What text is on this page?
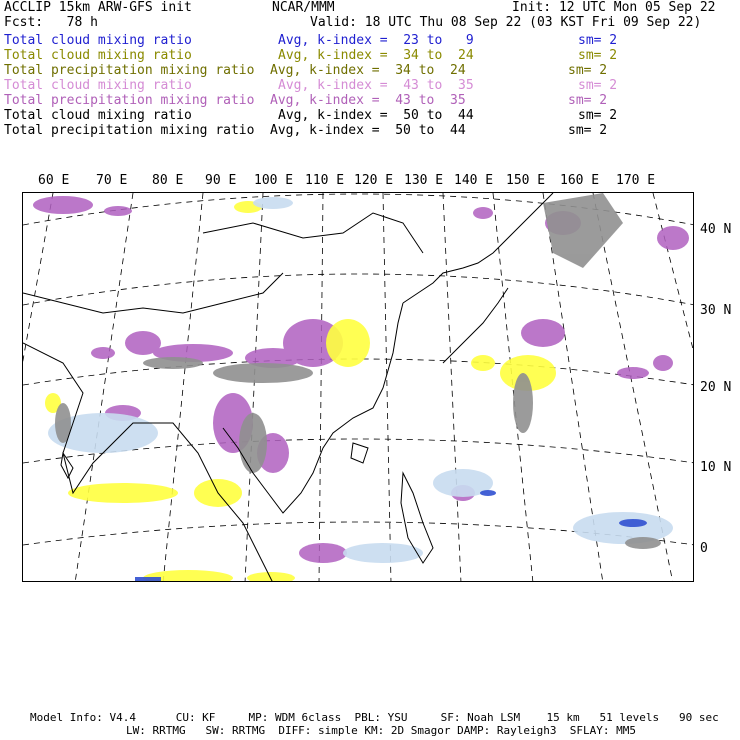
ACCLIP 15km ARW-GFS init	NCAR/MMM	Init: 12 UTC Mon 05 Sep 22
Fcst:   78 h	Valid: 18 UTC Thu 08 Sep 22 (03 KST Fri 09 Sep 22)
Total cloud mixing ratio	Avg, k-index =  23 to   9	sm= 2
Total cloud mixing ratio	Avg, k-index =  34 to  24	sm= 2
Total precipitation mixing ratio Avg, k-index =  34 to  24	sm= 2
Total cloud mixing ratio	Avg, k-index =  43 to  35	sm= 2
Total precipitation mixing ratio Avg, k-index =  43 to  35	sm= 2
Total cloud mixing ratio	Avg, k-index =  50 to  44	sm= 2
Total precipitation mixing ratio Avg, k-index =  50 to  44	sm= 2
60 E 70 E 80 E 90 E 100 E 110 E 120 E 130 E 140 E 150 E 160 E 170 E
40 N
30 N
20 N
10 N
0
Model Info: V4.4      CU: KF     MP: WDM 6class  PBL: YSU     SF: Noah LSM    15 km   51 levels   90 sec
LW: RRTMG   SW: RRTMG  DIFF: simple KM: 2D Smagor DAMP: Rayleigh3  SFLAY: MM5
